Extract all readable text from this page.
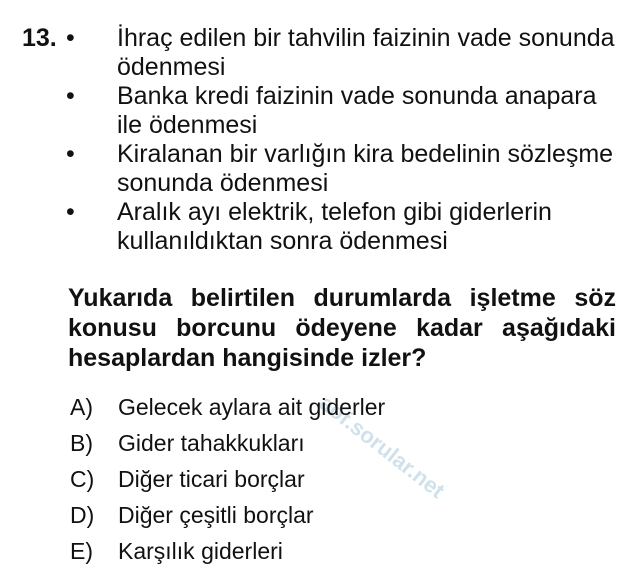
13. • İhraç edilen bir tahvilin faizinin vade sonunda
ödenmesi
• Banka kredi faizinin vade sonunda anapara
ile ödenmesi
• Kiralanan bir varlığın kira bedelinin sözleşme
sonunda ödenmesi
• Aralık ayı elektrik, telefon gibi giderlerin
kullanıldıktan sonra ödenmesi
Yukarıda belirtilen durumlarda işletme söz konusu borcunu ödeyene kadar aşağıdaki hesaplardan hangisinde izler?
aof.sorular.net
A) Gelecek aylara ait giderler
B) Gider tahakkukları
C) Diğer ticari borçlar
D) Diğer çeşitli borçlar
E) Karşılık giderleri
